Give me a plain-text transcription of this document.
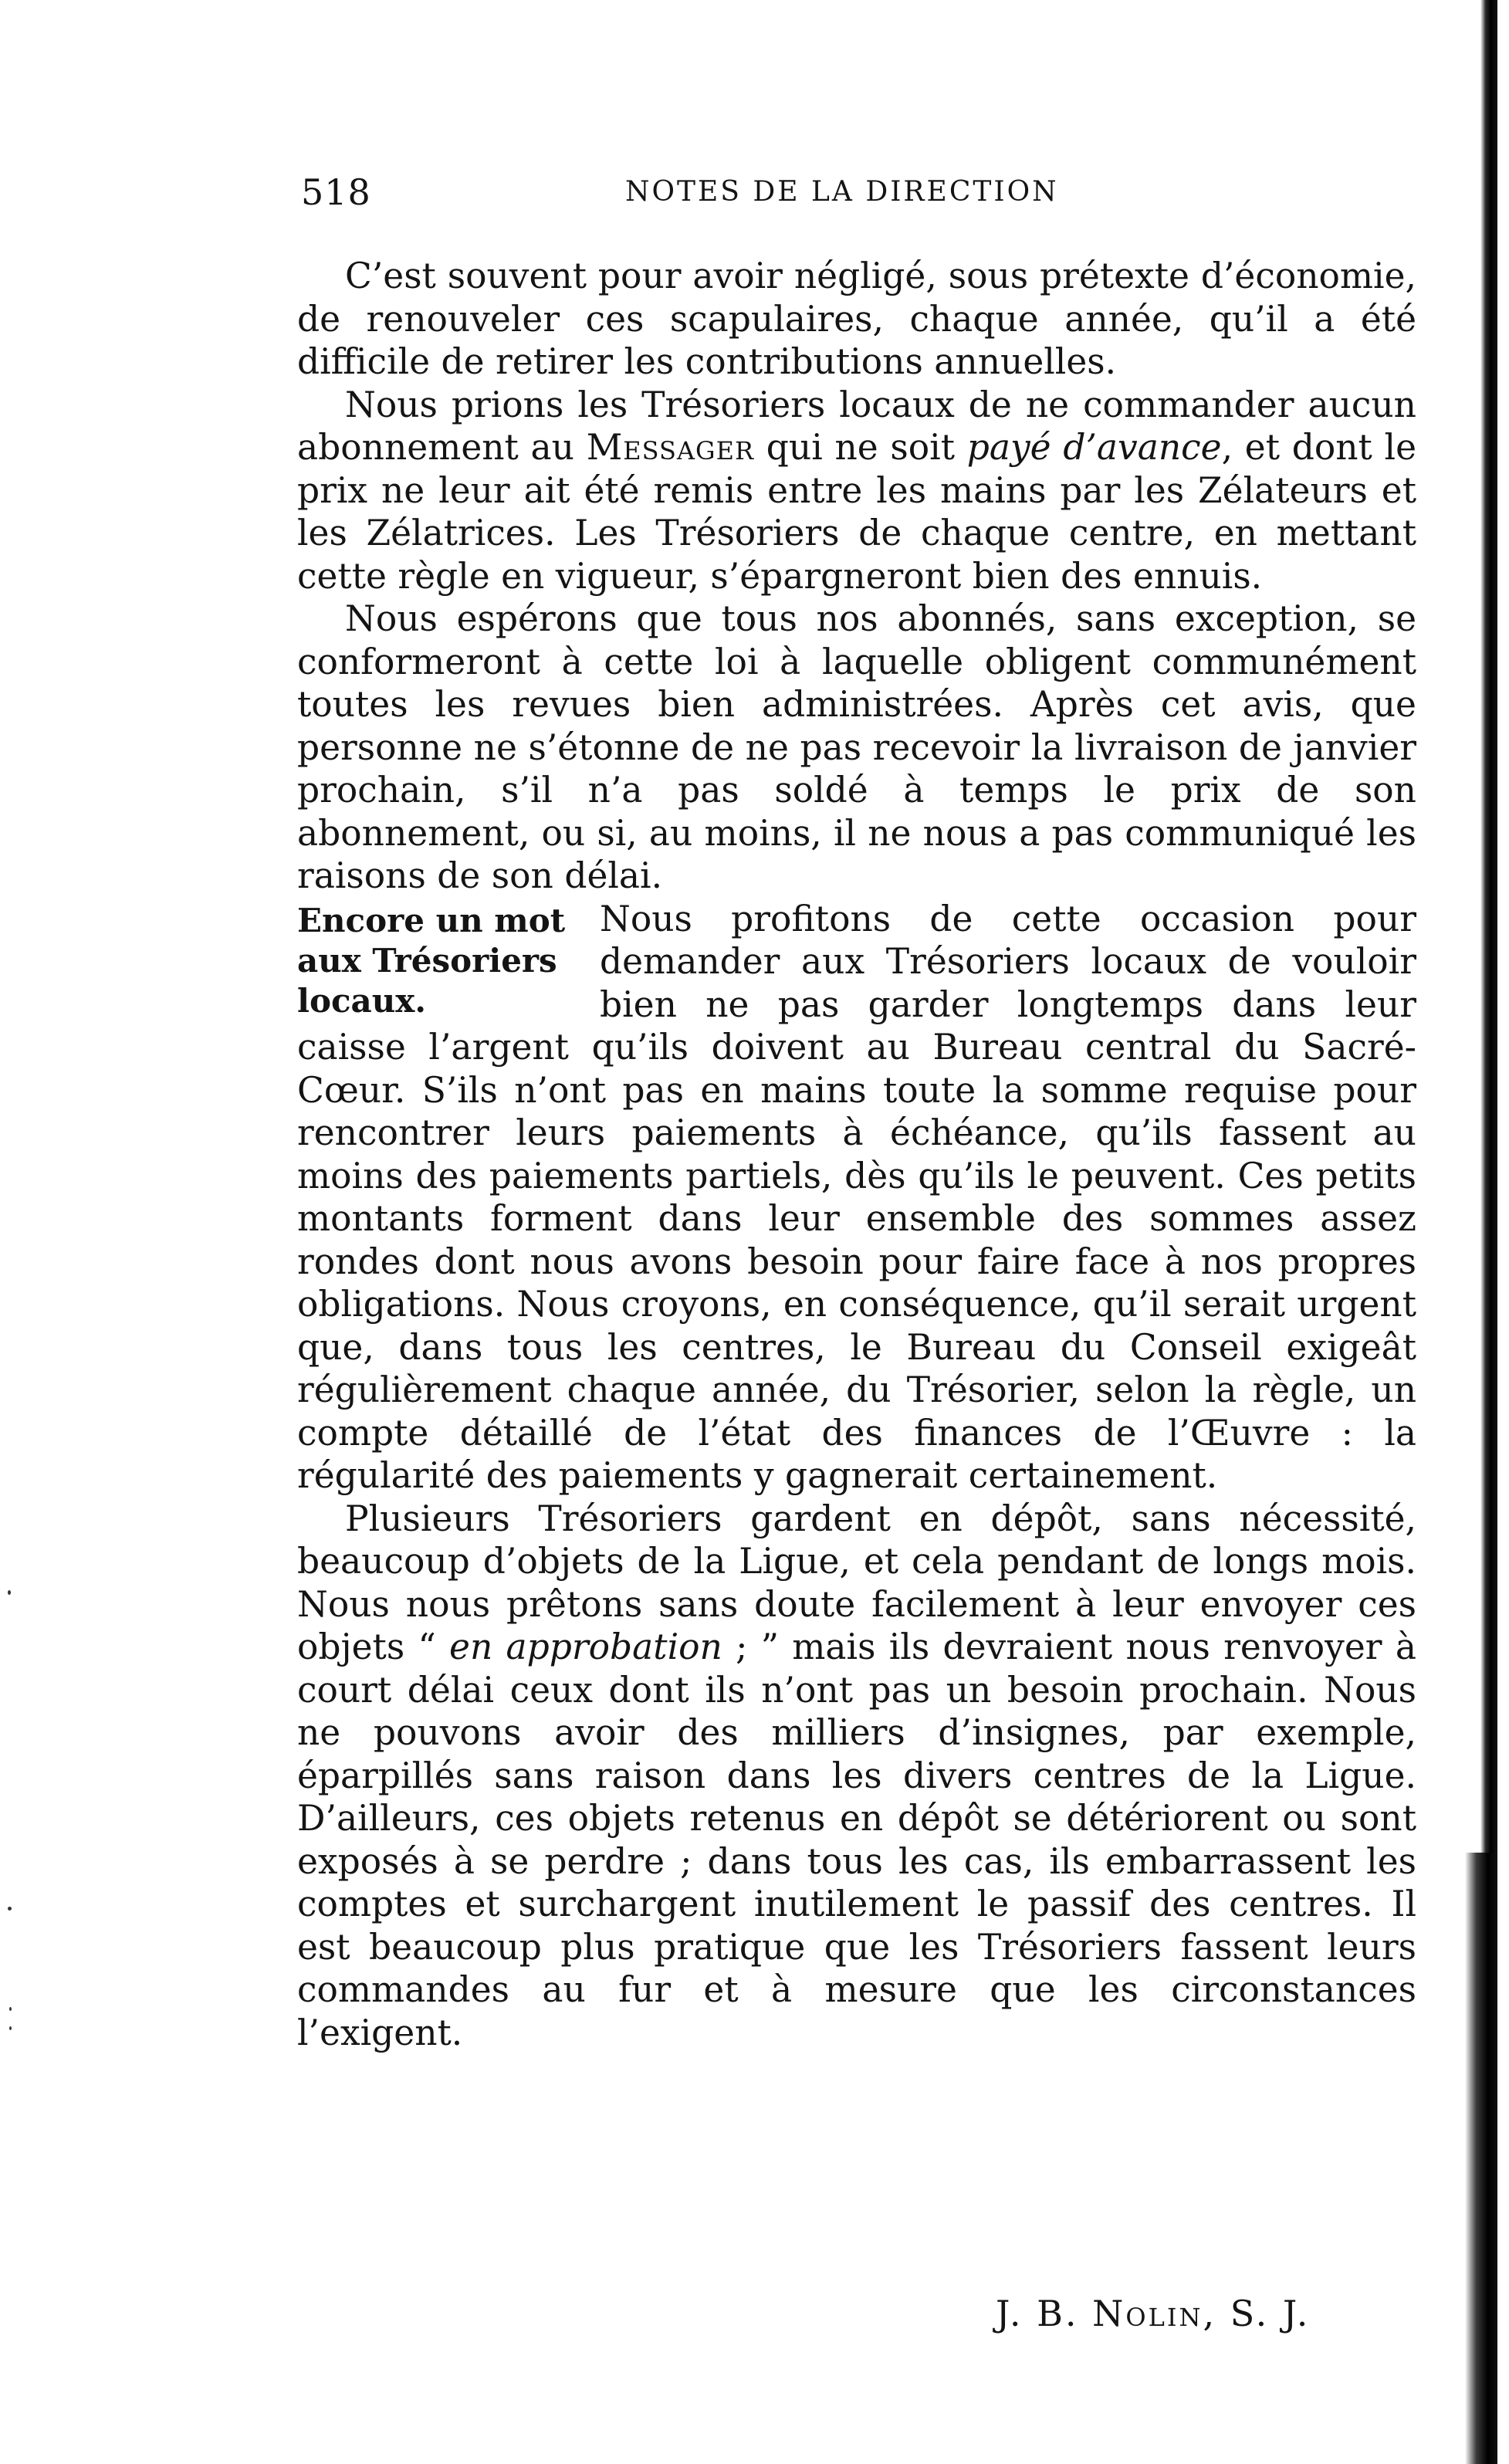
518	NOTES DE LA DIRECTION

C’est souvent pour avoir négligé, sous prétexte d’économie, de renouveler ces scapulaires, chaque année, qu’il a été difficile de retirer les contributions annuelles.

Nous prions les Trésoriers locaux de ne commander aucun abonnement au Messager qui ne soit payé d’avance, et dont le prix ne leur ait été remis entre les mains par les Zélateurs et les Zélatrices. Les Trésoriers de chaque centre, en mettant cette règle en vigueur, s’épargneront bien des ennuis.

Nous espérons que tous nos abonnés, sans exception, se conformeront à cette loi à laquelle obligent communément toutes les revues bien administrées. Après cet avis, que personne ne s’étonne de ne pas recevoir la livraison de janvier prochain, s’il n’a pas soldé à temps le prix de son abonnement, ou si, au moins, il ne nous a pas communiqué les raisons de son délai.

Encore un mot aux Trésoriers locaux.

Nous profitons de cette occasion pour demander aux Trésoriers locaux de vouloir bien ne pas garder longtemps dans leur caisse l’argent qu’ils doivent au Bureau central du Sacré-Cœur. S’ils n’ont pas en mains toute la somme requise pour rencontrer leurs paiements à échéance, qu’ils fassent au moins des paiements partiels, dès qu’ils le peuvent. Ces petits montants forment dans leur ensemble des sommes assez rondes dont nous avons besoin pour faire face à nos propres obligations. Nous croyons, en conséquence, qu’il serait urgent que, dans tous les centres, le Bureau du Conseil exigeât régulièrement chaque année, du Trésorier, selon la règle, un compte détaillé de l’état des finances de l’Œuvre : la régularité des paiements y gagnerait certainement.

Plusieurs Trésoriers gardent en dépôt, sans nécessité, beaucoup d’objets de la Ligue, et cela pendant de longs mois. Nous nous prêtons sans doute facilement à leur envoyer ces objets “ en approbation ; ” mais ils devraient nous renvoyer à court délai ceux dont ils n’ont pas un besoin prochain. Nous ne pouvons avoir des milliers d’insignes, par exemple, éparpillés sans raison dans les divers centres de la Ligue. D’ailleurs, ces objets retenus en dépôt se détériorent ou sont exposés à se perdre ; dans tous les cas, ils embarrassent les comptes et surchargent inutilement le passif des centres. Il est beaucoup plus pratique que les Trésoriers fassent leurs commandes au fur et à mesure que les circonstances l’exigent.

J. B. Nolin, S. J.
